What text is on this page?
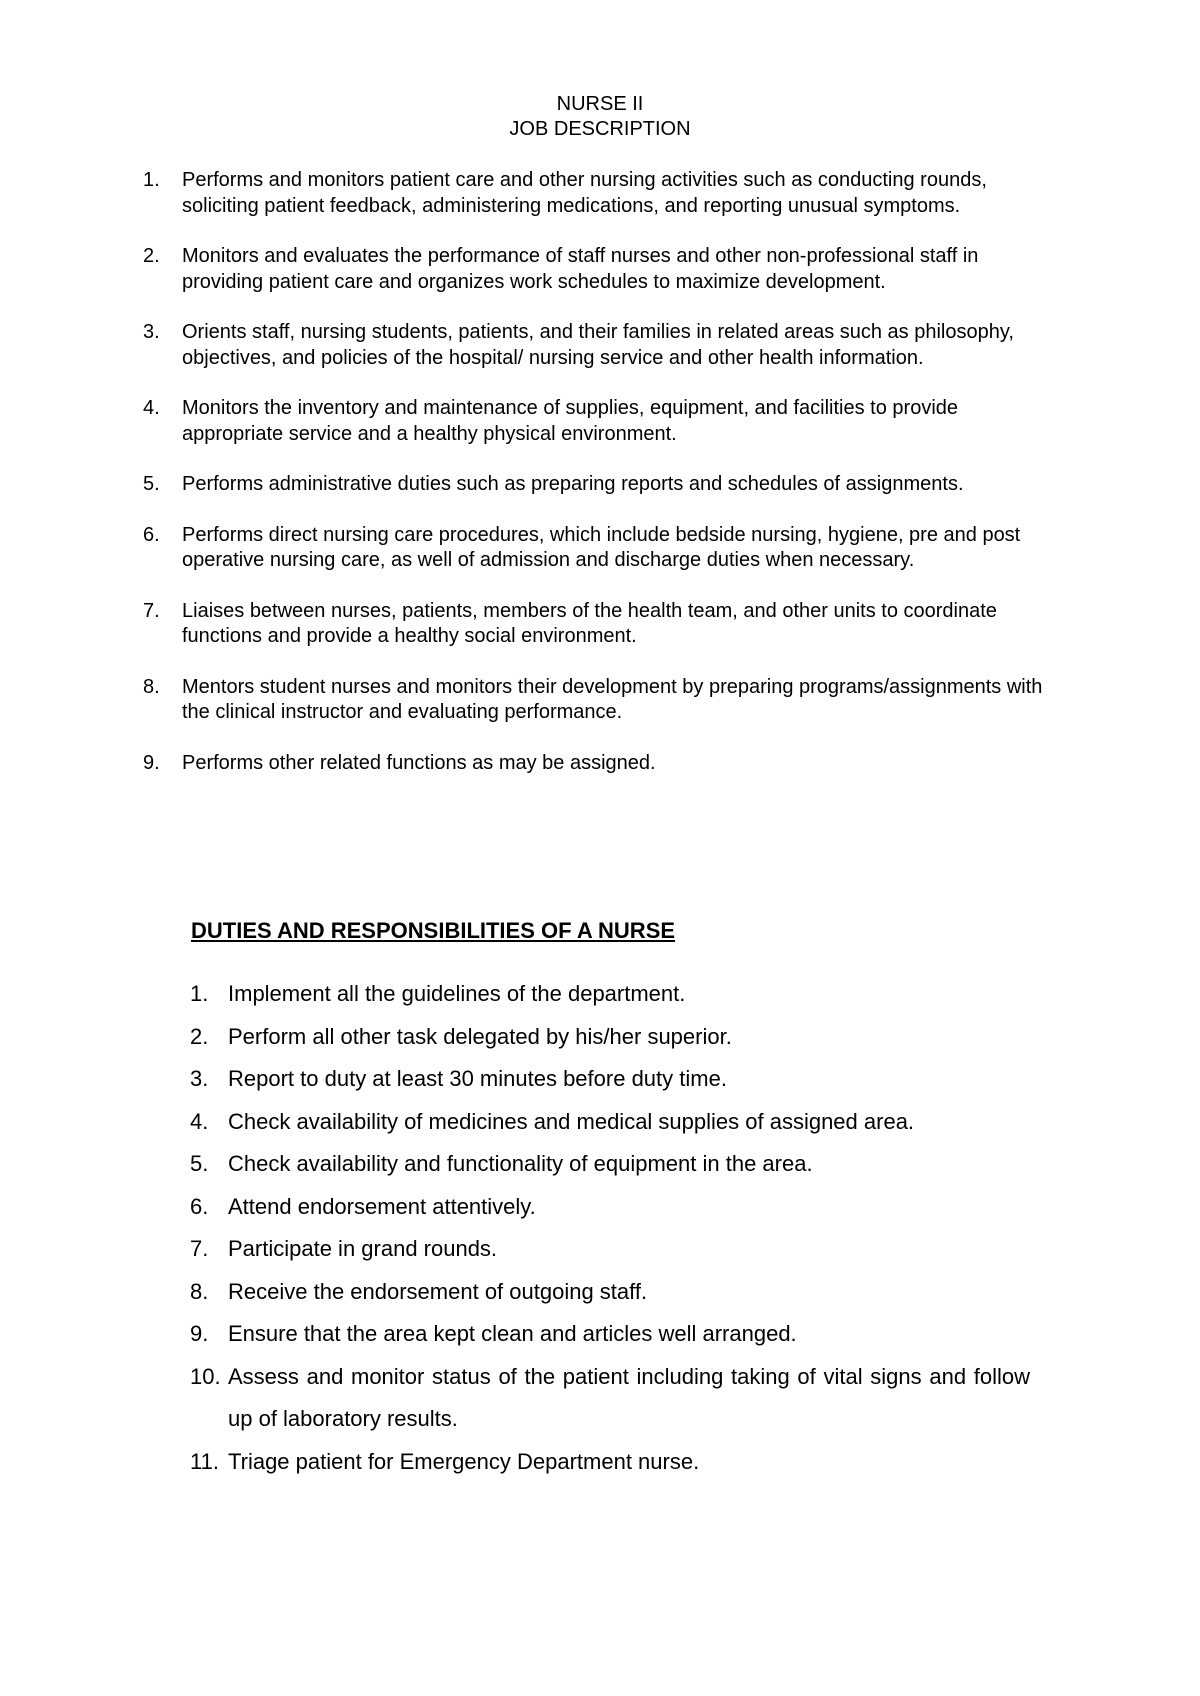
NURSE II
JOB DESCRIPTION
1. Performs and monitors patient care and other nursing activities such as conducting rounds, soliciting patient feedback, administering medications, and reporting unusual symptoms.
2. Monitors and evaluates the performance of staff nurses and other non-professional staff in providing patient care and organizes work schedules to maximize development.
3. Orients staff, nursing students, patients, and their families in related areas such as philosophy, objectives, and policies of the hospital/ nursing service and other health information.
4. Monitors the inventory and maintenance of supplies, equipment, and facilities to provide appropriate service and a healthy physical environment.
5. Performs administrative duties such as preparing reports and schedules of assignments.
6. Performs direct nursing care procedures, which include bedside nursing, hygiene, pre and post operative nursing care, as well of admission and discharge duties when necessary.
7. Liaises between nurses, patients, members of the health team, and other units to coordinate functions and provide a healthy social environment.
8. Mentors student nurses and monitors their development by preparing programs/assignments with the clinical instructor and evaluating performance.
9. Performs other related functions as may be assigned.
DUTIES AND RESPONSIBILITIES OF A NURSE
1. Implement all the guidelines of the department.
2. Perform all other task delegated by his/her superior.
3. Report to duty at least 30 minutes before duty time.
4. Check availability of medicines and medical supplies of assigned area.
5. Check availability and functionality of equipment in the area.
6. Attend endorsement attentively.
7. Participate in grand rounds.
8. Receive the endorsement of outgoing staff.
9. Ensure that the area kept clean and articles well arranged.
10. Assess and monitor status of the patient including taking of vital signs and follow up of laboratory results.
11. Triage patient for Emergency Department nurse.
